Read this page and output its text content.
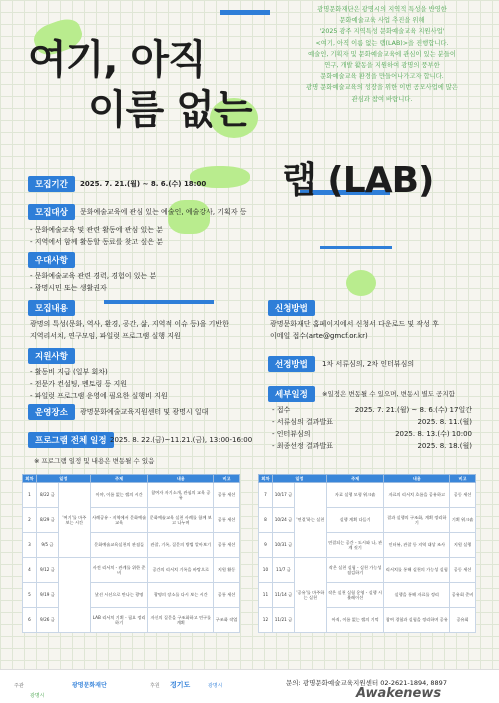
여기, 아직
이름 없는
랩 (LAB)
광명문화재단은 광명시의 지역적 특성을 반영한
문화예술교육 사업 추진을 위해
'2025 광주 지역특성 문화예술교육 지원사업'
<여기, 아직 이름 없는 랩(LAB)>을 진행합니다.
예술인, 기획자 및 문화예술교육에 관심이 있는 분들이
연구, 개발 활동을 지원하여 광명의 풍부한
문화예술교육 환경을 만들어나가고자 합니다.
광명 문화예술교육의 성장을 위한 이번 공모사업에 많은
관심과 참여 바랍니다.
모집기간	2025. 7. 21.(월) ~ 8. 6.(수) 18:00
모집대상	문화예술교육에 관심 있는 예술인, 예술강사, 기획자 등
- 문화예술교육 및 관련 활동에 관심 있는 분
- 지역에서 함께 활동할 동료를 찾고 싶은 분
우대사항
- 문화예술교육 관련 경력, 경험이 있는 분
- 광명시민 또는 생활권자
모집내용
광명의 특성(문화, 역사, 환경, 공간, 삶, 지역적 이슈 등)을 기반한
지역리서치, 연구모임, 파일럿 프로그램 실행 지원
지원사항
- 활동비 지급 (일부 회차)
- 전문가 컨설팅, 멘토링 등 지원
- 파일럿 프로그램 운영에 필요한 실행비 지원
운영장소	광명문화예술교육지원센터 및 광명시 일대
프로그램 전체 일정 2025. 8. 22.(금)~11.21.(금), 13:00-16:00
※ 프로그램 일정 및 내용은 변동될 수 있음
신청방법
광명문화재단 홈페이지에서 신청서 다운로드 및 작성 후
이메일 접수(arte@gmcf.or.kr)
선정방법	1차 서류심의, 2차 인터뷰심의
세부일정	※일정은 변동될 수 있으며, 변동시 별도 공지함
- 접수	2025. 7. 21.(월) ~ 8. 6.(수) 17일간
- 서류심의 결과발표	2025. 8. 11.(월)
- 인터뷰심의	2025. 8. 13.(수) 10:00
- 최종선정 결과발표	2025. 8. 18.(월)
회차	일정		주제	내용	비고
1	8/22 금	'여기'를 마주 보는 시간	이야, 이름 없는 랩의 시간	참여자 자기소개, 관심의 교육 공유	공통 세션
2	8/29 금		사례공유 - 지역에서 문화예술교육	문화예술교육 실천 사례를 함께 보고 나누며	공통 세션
3	9/5 금		문화예술교육실천의 관점들	관찰, 기록, 질문의 방법 알아보기	공통 세션
4	9/12 금		사전 리서치 - 관계를 위한 준비	공간의 리서치 기록을 바탕으로	지원 활동
5	9/19 금		낯선 시선으로 만나는 광명	광명의 장소를 다시 보는 시간	공통 세션
6	9/26 금		LAB 리서치 기획 - 필요 정리하기	자신의 질문을 구조화하고 연구를 계획	구조화 작업
회차	일정		주제	내용	비고
7	10/17 금	'연결'하는 실천	자료 실행 모형 워크숍	자료의 리서치 흐름을 공유하고	공동 세션
8	10/24 금		실행 계획 다듬기	결과 실행의 구조화, 계획 정리하기	기획 워크숍
9	10/31 금		연결되는 공간 - 도시와 나, 관계 짓기	인터뷰, 관찰 등 지역 대상 조사	지원 실행
10	11/7 금	'공유'를 마주하는 실천	작은 실천 실험 - 실천 가능성 점검하기	리서치를 통해 실천의 가능성 실험	공동 세션
11	11/14 금		작은 실천 실험 운영 - 실행 시뮬레이션	실행을 통해 자료를 정리	공유회 준비
12	11/21 금		아직, 이름 없는 랩의 기억	참여 경험과 실험을 정리하며 공유	공유회
주관	광명문화재단
광명시
후원 경기도	광명시	문의: 광명문화예술교육지원센터 02-2621-1894, 8897
Awakenews
